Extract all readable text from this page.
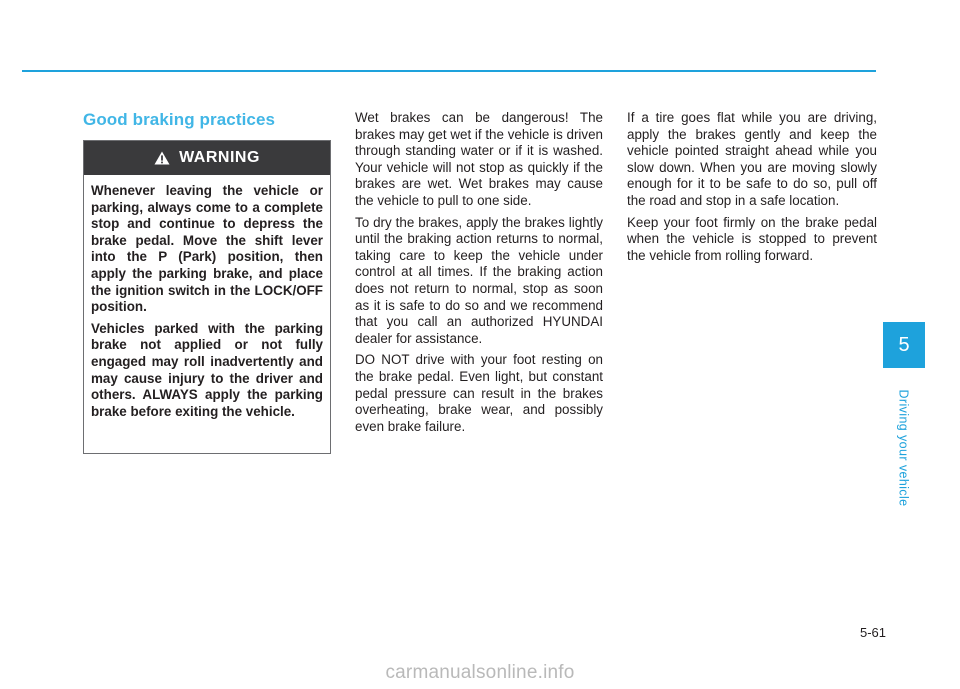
Good braking practices
WARNING

Whenever leaving the vehicle or parking, always come to a complete stop and continue to depress the brake pedal. Move the shift lever into the P (Park) position, then apply the parking brake, and place the ignition switch in the LOCK/OFF position.

Vehicles parked with the parking brake not applied or not fully engaged may roll inadvertently and may cause injury to the driver and others. ALWAYS apply the parking brake before exiting the vehicle.

Wet brakes can be dangerous! The brakes may get wet if the vehicle is driven through standing water or if it is washed. Your vehicle will not stop as quickly if the brakes are wet. Wet brakes may cause the vehicle to pull to one side.

To dry the brakes, apply the brakes lightly until the braking action returns to normal, taking care to keep the vehicle under control at all times. If the braking action does not return to normal, stop as soon as it is safe to do so and we recommend that you call an authorized HYUNDAI dealer for assistance.

DO NOT drive with your foot resting on the brake pedal. Even light, but constant pedal pressure can result in the brakes overheating, brake wear, and possibly even brake failure.

If a tire goes flat while you are driving, apply the brakes gently and keep the vehicle pointed straight ahead while you slow down. When you are moving slowly enough for it to be safe to do so, pull off the road and stop in a safe location.

Keep your foot firmly on the brake pedal when the vehicle is stopped to prevent the vehicle from rolling forward.

5
Driving your vehicle
5-61
carmanualsonline.info
